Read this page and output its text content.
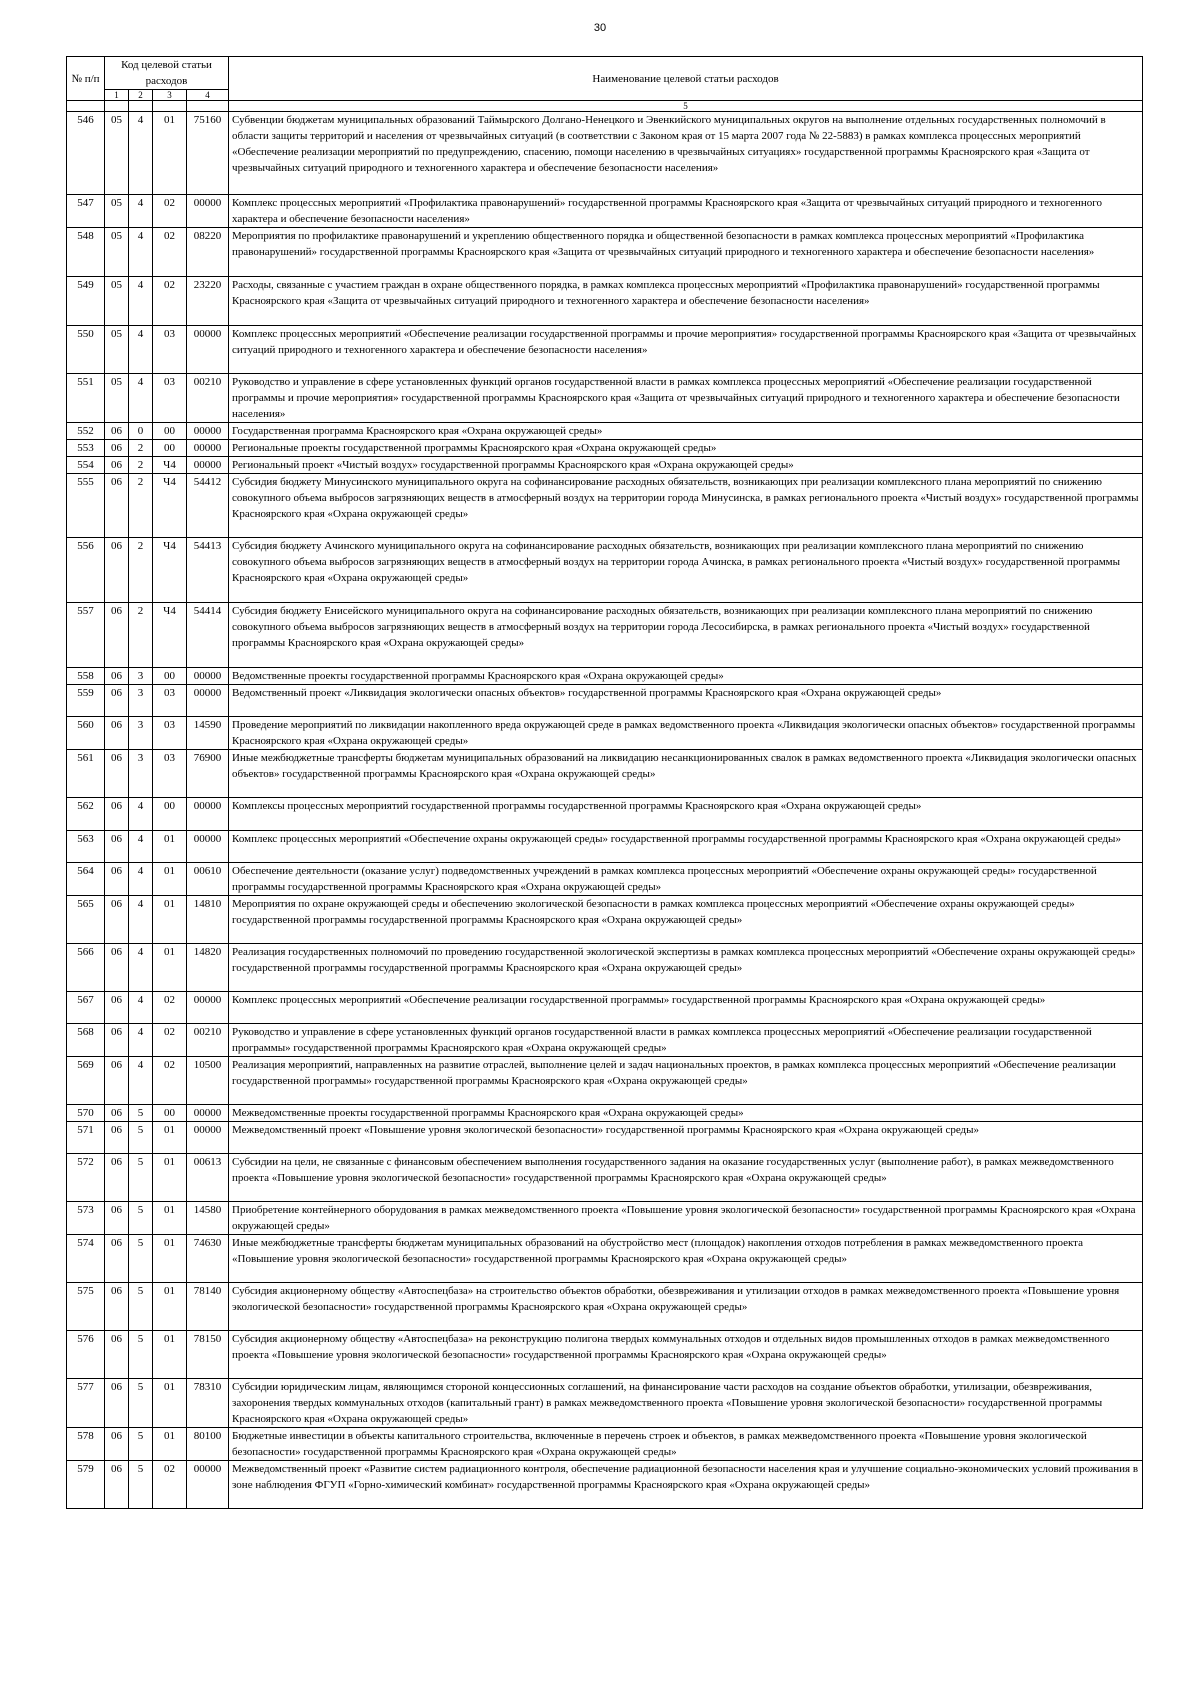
30
№ п/п	Код целевой статьи расходов				Наименование целевой статьи расходов
	1	2	3	4	
					5
546	05	4	01	75160	Субвенции бюджетам муниципальных образований Таймырского Долгано-Ненецкого и Эвенкийского муниципальных округов на выполнение отдельных государственных полномочий в области защиты территорий и населения от чрезвычайных ситуаций (в соответствии с Законом края от 15 марта 2007 года № 22-5883) в рамках комплекса процессных мероприятий «Обеспечение реализации мероприятий по предупреждению, спасению, помощи населению в чрезвычайных ситуациях» государственной программы Красноярского края «Защита от чрезвычайных ситуаций природного и техногенного характера и обеспечение безопасности населения»
547	05	4	02	00000	Комплекс процессных мероприятий «Профилактика правонарушений» государственной программы Красноярского края «Защита от чрезвычайных ситуаций природного и техногенного характера и обеспечение безопасности населения»
548	05	4	02	08220	Мероприятия по профилактике правонарушений и укреплению общественного порядка и общественной безопасности в рамках комплекса процессных мероприятий «Профилактика правонарушений» государственной программы Красноярского края «Защита от чрезвычайных ситуаций природного и техногенного характера и обеспечение безопасности населения»
549	05	4	02	23220	Расходы, связанные с участием граждан в охране общественного порядка, в рамках комплекса процессных мероприятий «Профилактика правонарушений» государственной программы Красноярского края «Защита от чрезвычайных ситуаций природного и техногенного характера и обеспечение безопасности населения»
550	05	4	03	00000	Комплекс процессных мероприятий «Обеспечение реализации государственной программы и прочие мероприятия» государственной программы Красноярского края «Защита от чрезвычайных ситуаций природного и техногенного характера и обеспечение безопасности населения»
551	05	4	03	00210	Руководство и управление в сфере установленных функций органов государственной власти в рамках комплекса процессных мероприятий «Обеспечение реализации государственной программы и прочие мероприятия» государственной программы Красноярского края «Защита от чрезвычайных ситуаций природного и техногенного характера и обеспечение безопасности населения»
552	06	0	00	00000	Государственная программа Красноярского края «Охрана окружающей среды»
553	06	2	00	00000	Региональные проекты государственной программы Красноярского края «Охрана окружающей среды»
554	06	2	Ч4	00000	Региональный проект «Чистый воздух» государственной программы Красноярского края «Охрана окружающей среды»
555	06	2	Ч4	54412	Субсидия бюджету Минусинского муниципального округа на софинансирование расходных обязательств, возникающих при реализации комплексного плана мероприятий по снижению совокупного объема выбросов загрязняющих веществ в атмосферный воздух на территории города Минусинска, в рамках регионального проекта «Чистый воздух» государственной программы Красноярского края «Охрана окружающей среды»
556	06	2	Ч4	54413	Субсидия бюджету Ачинского муниципального округа на софинансирование расходных обязательств, возникающих при реализации комплексного плана мероприятий по снижению совокупного объема выбросов загрязняющих веществ в атмосферный воздух на территории города Ачинска, в рамках регионального проекта «Чистый воздух» государственной программы Красноярского края «Охрана окружающей среды»
557	06	2	Ч4	54414	Субсидия бюджету Енисейского муниципального округа на софинансирование расходных обязательств, возникающих при реализации комплексного плана мероприятий по снижению совокупного объема выбросов загрязняющих веществ в атмосферный воздух на территории города Лесосибирска, в рамках регионального проекта «Чистый воздух» государственной программы Красноярского края «Охрана окружающей среды»
558	06	3	00	00000	Ведомственные проекты государственной программы Красноярского края «Охрана окружающей среды»
559	06	3	03	00000	Ведомственный проект «Ликвидация экологически опасных объектов» государственной программы Красноярского края «Охрана окружающей среды»
560	06	3	03	14590	Проведение мероприятий по ликвидации накопленного вреда окружающей среде в рамках ведомственного проекта «Ликвидация экологически опасных объектов» государственной программы Красноярского края «Охрана окружающей среды»
561	06	3	03	76900	Иные межбюджетные трансферты бюджетам муниципальных образований на ликвидацию несанкционированных свалок в рамках ведомственного проекта «Ликвидация экологически опасных объектов» государственной программы Красноярского края «Охрана окружающей среды»
562	06	4	00	00000	Комплексы процессных мероприятий государственной программы государственной программы Красноярского края «Охрана окружающей среды»
563	06	4	01	00000	Комплекс процессных мероприятий «Обеспечение охраны окружающей среды» государственной программы государственной программы Красноярского края «Охрана окружающей среды»
564	06	4	01	00610	Обеспечение деятельности (оказание услуг) подведомственных учреждений в рамках комплекса процессных мероприятий «Обеспечение охраны окружающей среды» государственной программы государственной программы Красноярского края «Охрана окружающей среды»
565	06	4	01	14810	Мероприятия по охране окружающей среды и обеспечению экологической безопасности в рамках комплекса процессных мероприятий «Обеспечение охраны окружающей среды» государственной программы государственной программы Красноярского края «Охрана окружающей среды»
566	06	4	01	14820	Реализация государственных полномочий по проведению государственной экологической экспертизы в рамках комплекса процессных мероприятий «Обеспечение охраны окружающей среды» государственной программы государственной программы Красноярского края «Охрана окружающей среды»
567	06	4	02	00000	Комплекс процессных мероприятий «Обеспечение реализации государственной программы» государственной программы Красноярского края «Охрана окружающей среды»
568	06	4	02	00210	Руководство и управление в сфере установленных функций органов государственной власти в рамках комплекса процессных мероприятий «Обеспечение реализации государственной программы» государственной программы Красноярского края «Охрана окружающей среды»
569	06	4	02	10500	Реализация мероприятий, направленных на развитие отраслей, выполнение целей и задач национальных проектов, в рамках комплекса процессных мероприятий «Обеспечение реализации государственной программы» государственной программы Красноярского края «Охрана окружающей среды»
570	06	5	00	00000	Межведомственные проекты государственной программы Красноярского края «Охрана окружающей среды»
571	06	5	01	00000	Межведомственный проект «Повышение уровня экологической безопасности» государственной программы Красноярского края «Охрана окружающей среды»
572	06	5	01	00613	Субсидии на цели, не связанные с финансовым обеспечением выполнения государственного задания на оказание государственных услуг (выполнение работ), в рамках межведомственного проекта «Повышение уровня экологической безопасности» государственной программы Красноярского края «Охрана окружающей среды»
573	06	5	01	14580	Приобретение контейнерного оборудования в рамках межведомственного проекта «Повышение уровня экологической безопасности» государственной программы Красноярского края «Охрана окружающей среды»
574	06	5	01	74630	Иные межбюджетные трансферты бюджетам муниципальных образований на обустройство мест (площадок) накопления отходов потребления в рамках межведомственного проекта «Повышение уровня экологической безопасности» государственной программы Красноярского края «Охрана окружающей среды»
575	06	5	01	78140	Субсидия акционерному обществу «Автоспецбаза» на строительство объектов обработки, обезвреживания и утилизации отходов в рамках межведомственного проекта «Повышение уровня экологической безопасности» государственной программы Красноярского края «Охрана окружающей среды»
576	06	5	01	78150	Субсидия акционерному обществу «Автоспецбаза» на реконструкцию полигона твердых коммунальных отходов и отдельных видов промышленных отходов в рамках межведомственного проекта «Повышение уровня экологической безопасности» государственной программы Красноярского края «Охрана окружающей среды»
577	06	5	01	78310	Субсидии юридическим лицам, являющимся стороной концессионных соглашений, на финансирование части расходов на создание объектов обработки, утилизации, обезвреживания, захоронения твердых коммунальных отходов (капитальный грант) в рамках межведомственного проекта «Повышение уровня экологической безопасности» государственной программы Красноярского края «Охрана окружающей среды»
578	06	5	01	80100	Бюджетные инвестиции в объекты капитального строительства, включенные в перечень строек и объектов, в рамках межведомственного проекта «Повышение уровня экологической безопасности» государственной программы Красноярского края «Охрана окружающей среды»
579	06	5	02	00000	Межведомственный проект «Развитие систем радиационного контроля, обеспечение радиационной безопасности населения края и улучшение социально-экономических условий проживания в зоне наблюдения ФГУП «Горно-химический комбинат» государственной программы Красноярского края «Охрана окружающей среды»
